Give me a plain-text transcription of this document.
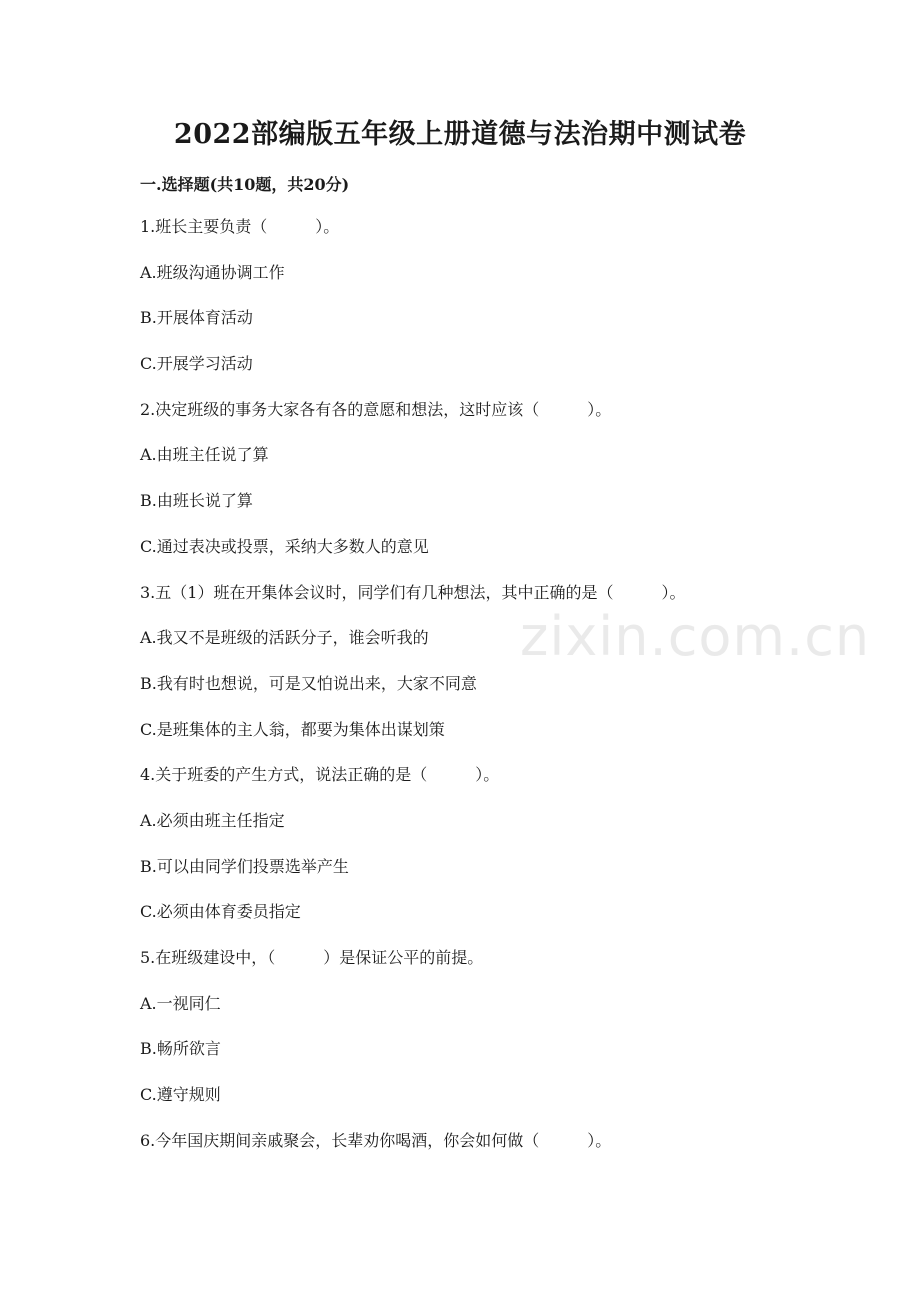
zixin.com.cn
2022部编版五年级上册道德与法治期中测试卷
一.选择题(共10题，共20分)
1.班长主要负责（　　　）。
A.班级沟通协调工作
B.开展体育活动
C.开展学习活动
2.决定班级的事务大家各有各的意愿和想法，这时应该（　　　）。
A.由班主任说了算
B.由班长说了算
C.通过表决或投票，采纳大多数人的意见
3.五（1）班在开集体会议时，同学们有几种想法，其中正确的是（　　　）。
A.我又不是班级的活跃分子，谁会听我的
B.我有时也想说，可是又怕说出来，大家不同意
C.是班集体的主人翁，都要为集体出谋划策
4.关于班委的产生方式，说法正确的是（　　　）。
A.必须由班主任指定
B.可以由同学们投票选举产生
C.必须由体育委员指定
5.在班级建设中，（　　　）是保证公平的前提。
A.一视同仁
B.畅所欲言
C.遵守规则
6.今年国庆期间亲戚聚会，长辈劝你喝酒，你会如何做（　　　）。
